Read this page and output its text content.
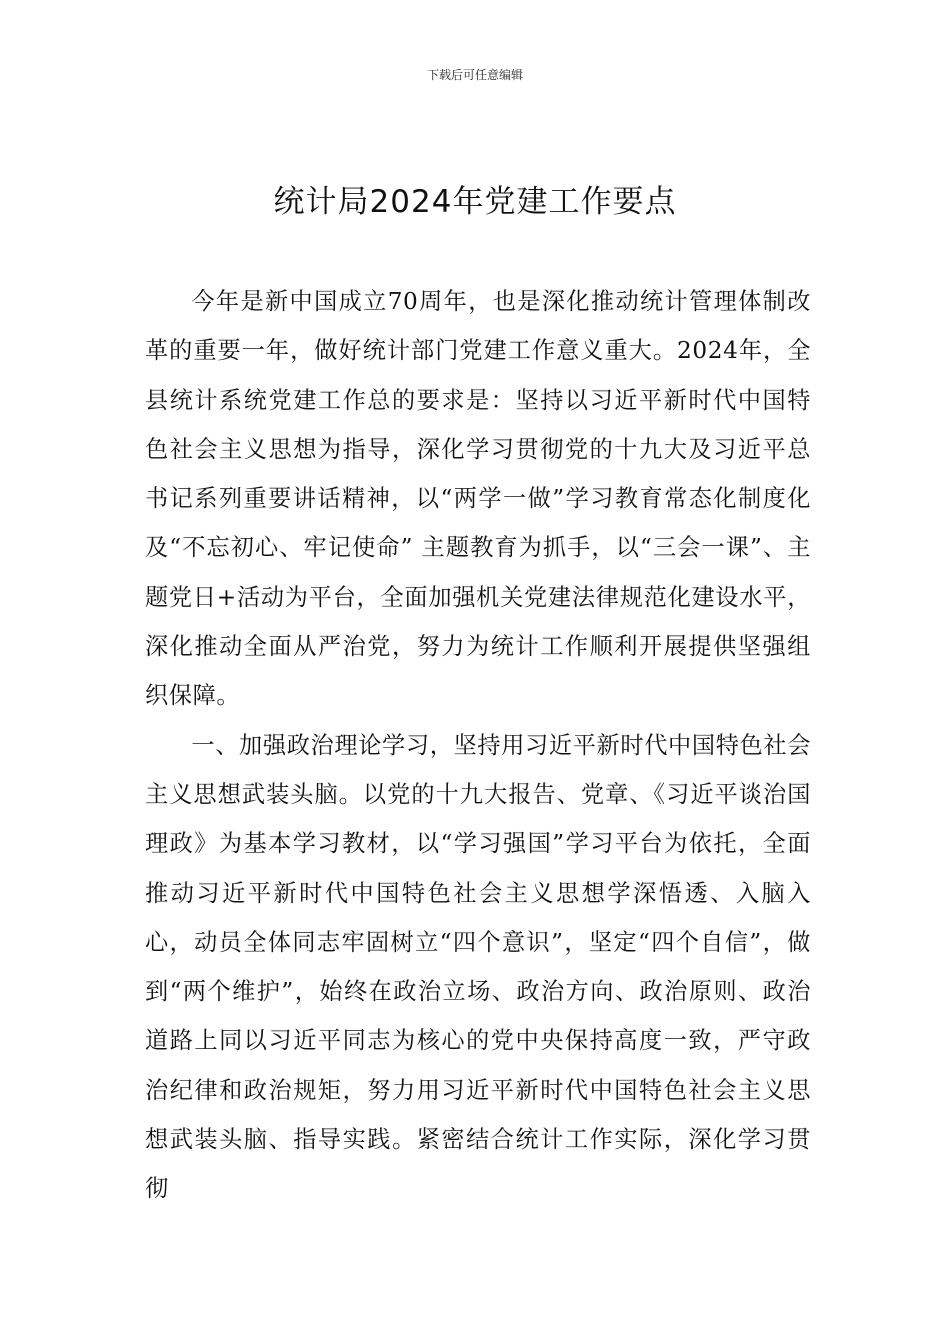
下载后可任意编辑
统计局2024年党建工作要点

今年是新中国成立70周年，也是深化推动统计管理体制改革的重要一年，做好统计部门党建工作意义重大。2024年，全县统计系统党建工作总的要求是：坚持以习近平新时代中国特色社会主义思想为指导，深化学习贯彻党的十九大及习近平总书记系列重要讲话精神，以“两学一做”学习教育常态化制度化及“不忘初心、牢记使命” 主题教育为抓手，以“三会一课”、主题党日+活动为平台，全面加强机关党建法律规范化建设水平，深化推动全面从严治党，努力为统计工作顺利开展提供坚强组织保障。

一、加强政治理论学习，坚持用习近平新时代中国特色社会主义思想武装头脑。以党的十九大报告、党章、《习近平谈治国理政》为基本学习教材，以“学习强国”学习平台为依托，全面推动习近平新时代中国特色社会主义思想学深悟透、入脑入心，动员全体同志牢固树立“四个意识”，坚定“四个自信”，做到“两个维护”，始终在政治立场、政治方向、政治原则、政治道路上同以习近平同志为核心的党中央保持高度一致，严守政治纪律和政治规矩，努力用习近平新时代中国特色社会主义思想武装头脑、指导实践。紧密结合统计工作实际，深化学习贯彻
